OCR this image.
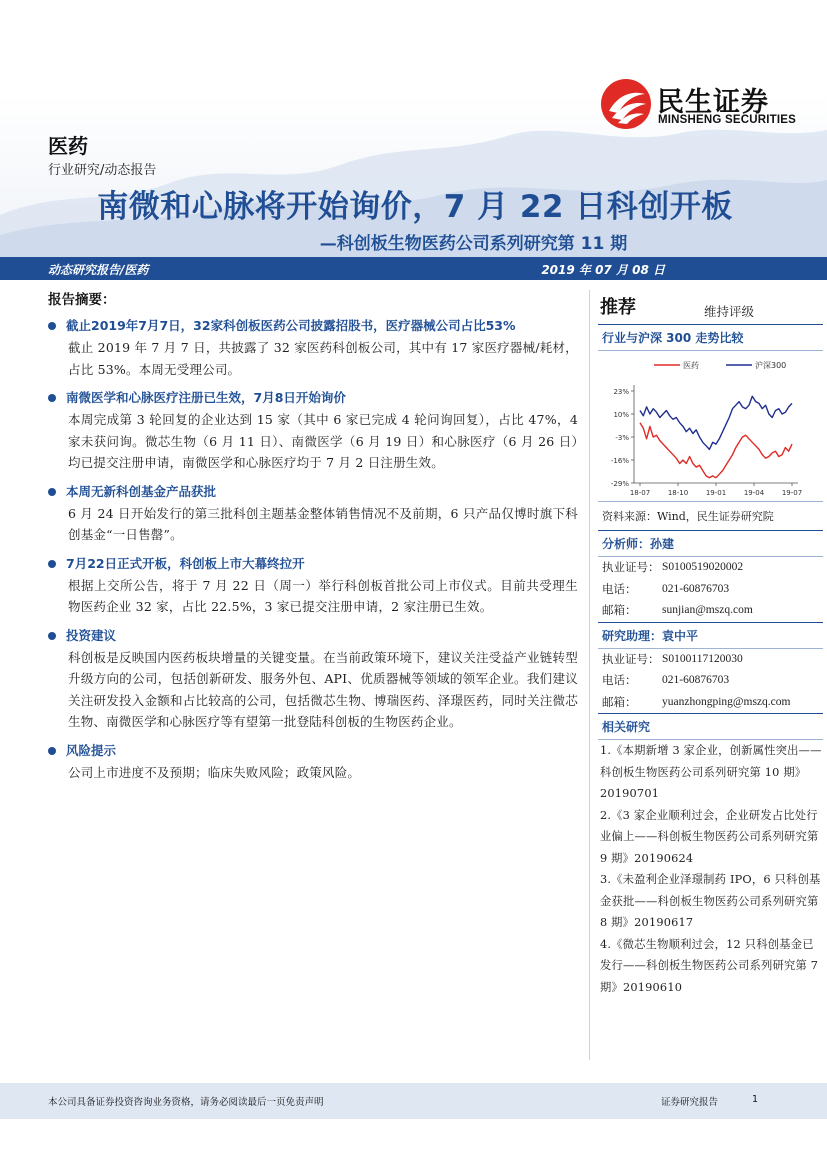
民生证券
MINSHENG SECURITIES
医药
行业研究/动态报告
南微和心脉将开始询价，7 月 22 日科创开板
—科创板生物医药公司系列研究第 11 期
动态研究报告/医药	2019 年 07 月 08 日
报告摘要：
截止2019年7月7日，32家科创板医药公司披露招股书，医疗器械公司占比53%
截止 2019 年 7 月 7 日，共披露了 32 家医药科创板公司，其中有 17 家医疗器械/耗材，占比 53%。本周无受理公司。
南微医学和心脉医疗注册已生效，7月8日开始询价
本周完成第 3 轮回复的企业达到 15 家（其中 6 家已完成 4 轮问询回复），占比 47%，4 家未获问询。微芯生物（6 月 11 日）、南微医学（6 月 19 日）和心脉医疗（6 月 26 日）均已提交注册申请，南微医学和心脉医疗均于 7 月 2 日注册生效。
本周无新科创基金产品获批
6 月 24 日开始发行的第三批科创主题基金整体销售情况不及前期，6 只产品仅博时旗下科创基金“一日售罄”。
7月22日正式开板，科创板上市大幕终拉开
根据上交所公告，将于 7 月 22 日（周一）举行科创板首批公司上市仪式。目前共受理生物医药企业 32 家，占比 22.5%，3 家已提交注册申请，2 家注册已生效。
投资建议
科创板是反映国内医药板块增量的关键变量。在当前政策环境下，建议关注受益产业链转型升级方向的公司，包括创新研发、服务外包、API、优质器械等领域的领军企业。我们建议关注研发投入金额和占比较高的公司，包括微芯生物、博瑞医药、泽璟医药，同时关注微芯生物、南微医学和心脉医疗等有望第一批登陆科创板的生物医药企业。
风险提示
公司上市进度不及预期；临床失败风险；政策风险。
推荐	维持评级
行业与沪深 300 走势比较
医药	沪深300
23%
10%
-3%
-16%
-29%
18-07	18-10	19-01	19-04	19-07
资料来源：Wind，民生证券研究院
分析师：孙建
执业证号： S0100519020002
电话：	021-60876703
邮箱：	sunjian@mszq.com
研究助理：袁中平
执业证号： S0100117120030
电话：	021-60876703
邮箱：	yuanzhongping@mszq.com
相关研究
1.《本期新增 3 家企业，创新属性突出——科创板生物医药公司系列研究第 10 期》20190701
2.《3 家企业顺利过会，企业研发占比处行业偏上——科创板生物医药公司系列研究第 9 期》20190624
3.《未盈利企业泽璟制药 IPO，6 只科创基金获批——科创板生物医药公司系列研究第 8 期》20190617
4.《微芯生物顺利过会，12 只科创基金已发行——科创板生物医药公司系列研究第 7 期》20190610
本公司具备证券投资咨询业务资格，请务必阅读最后一页免责声明	证券研究报告	1
